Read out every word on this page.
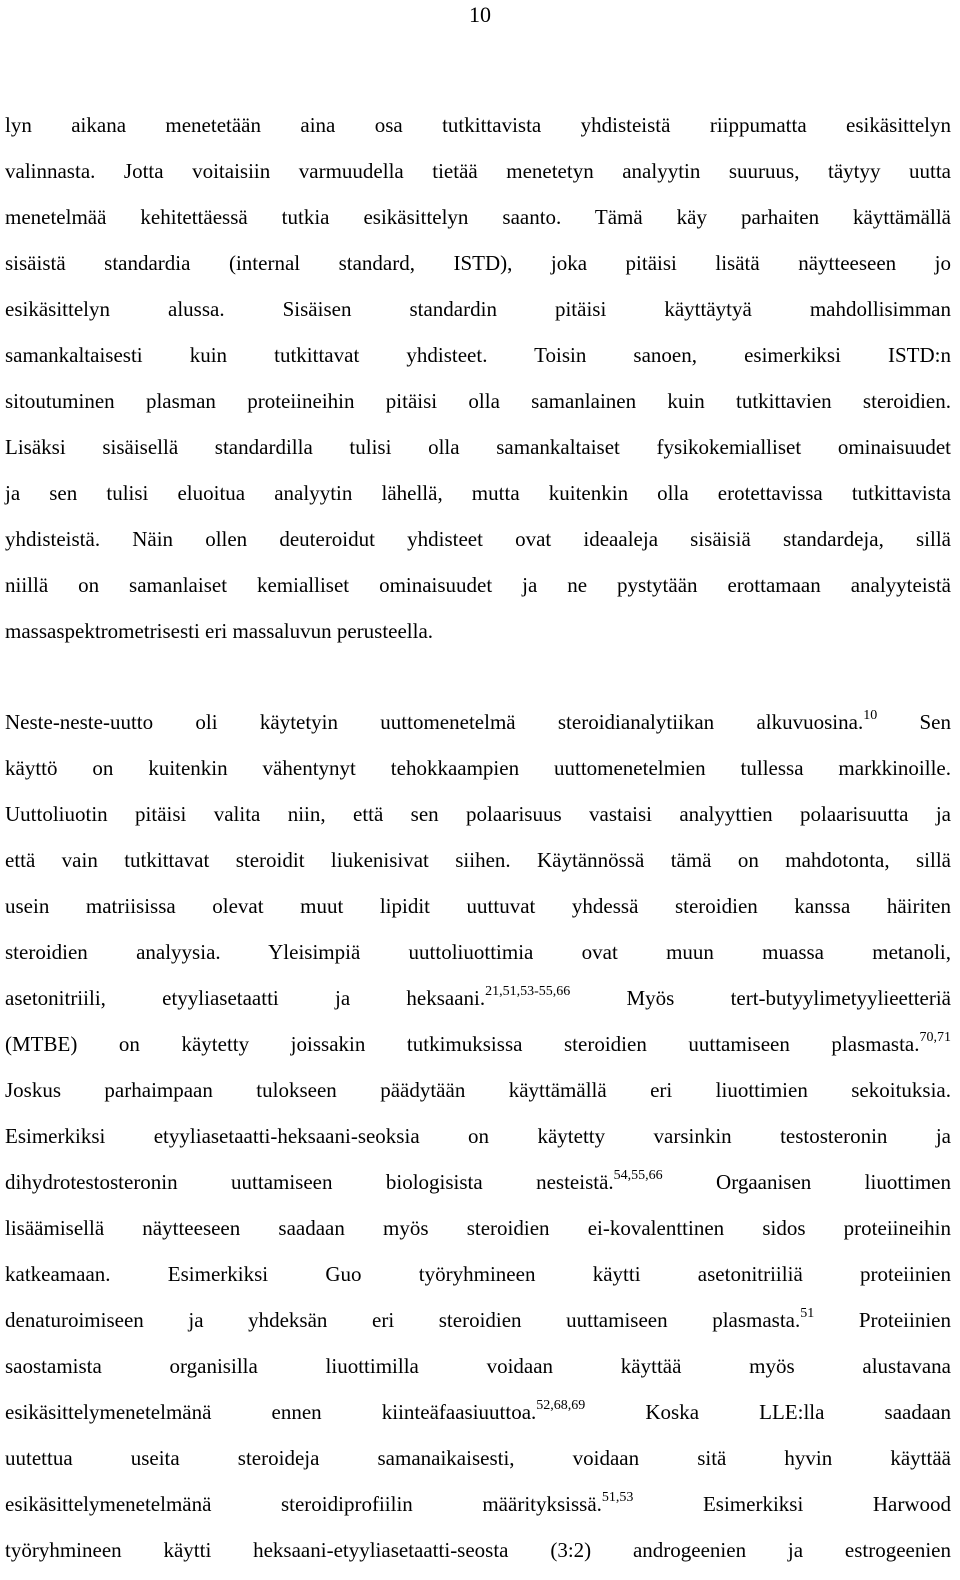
10
lyn aikana menetetään aina osa tutkittavista yhdisteistä riippumatta esikäsittelyn
valinnasta. Jotta voitaisiin varmuudella tietää menetetyn analyytin suuruus, täytyy uutta
menetelmää kehitettäessä tutkia esikäsittelyn saanto. Tämä käy parhaiten käyttämällä
sisäistä standardia (internal standard, ISTD), joka pitäisi lisätä näytteeseen jo
esikäsittelyn alussa. Sisäisen standardin pitäisi käyttäytyä mahdollisimman
samankaltaisesti kuin tutkittavat yhdisteet. Toisin sanoen, esimerkiksi ISTD:n
sitoutuminen plasman proteiineihin pitäisi olla samanlainen kuin tutkittavien steroidien.
Lisäksi sisäisellä standardilla tulisi olla samankaltaiset fysikokemialliset ominaisuudet
ja sen tulisi eluoitua analyytin lähellä, mutta kuitenkin olla erotettavissa tutkittavista
yhdisteistä. Näin ollen deuteroidut yhdisteet ovat ideaaleja sisäisiä standardeja, sillä
niillä on samanlaiset kemialliset ominaisuudet ja ne pystytään erottamaan analyyteistä
massaspektrometrisesti eri massaluvun perusteella.
Neste-neste-uutto oli käytetyin uuttomenetelmä steroidianalytiikan alkuvuosina.$^{10}$ Sen
käyttö on kuitenkin vähentynyt tehokkaampien uuttomenetelmien tullessa markkinoille.
Uuttoliuotin pitäisi valita niin, että sen polaarisuus vastaisi analyyttien polaarisuutta ja
että vain tutkittavat steroidit liukenisivat siihen. Käytännössä tämä on mahdotonta, sillä
usein matriisissa olevat muut lipidit uuttuvat yhdessä steroidien kanssa häiriten
steroidien analyysia. Yleisimpiä uuttoliuottimia ovat muun muassa metanoli,
asetonitriili, etyyliasetaatti ja heksaani.$^{21,51,53-55,66}$ Myös tert-butyylimetyylieetteriä
(MTBE) on käytetty joissakin tutkimuksissa steroidien uuttamiseen plasmasta.$^{70,71}$
Joskus parhaimpaan tulokseen päädytään käyttämällä eri liuottimien sekoituksia.
Esimerkiksi etyyliasetaatti-heksaani-seoksia on käytetty varsinkin testosteronin ja
dihydrotestosteronin uuttamiseen biologisista nesteistä.$^{54,55,66}$ Orgaanisen liuottimen
lisäämisellä näytteeseen saadaan myös steroidien ei-kovalenttinen sidos proteiineihin
katkeamaan. Esimerkiksi Guo työryhmineen käytti asetonitriiliä proteiinien
denaturoimiseen ja yhdeksän eri steroidien uuttamiseen plasmasta.$^{51}$ Proteiinien
saostamista organisilla liuottimilla voidaan käyttää myös alustavana
esikäsittelymenetelmänä ennen kiinteäfaasiuuttoa.$^{52,68,69}$ Koska LLE:lla saadaan
uutettua useita steroideja samanaikaisesti, voidaan sitä hyvin käyttää
esikäsittelymenetelmänä steroidiprofiilin määrityksissä.$^{51,53}$ Esimerkiksi Harwood
työryhmineen käytti heksaani-etyyliasetaatti-seosta (3:2) androgeenien ja estrogeenien
